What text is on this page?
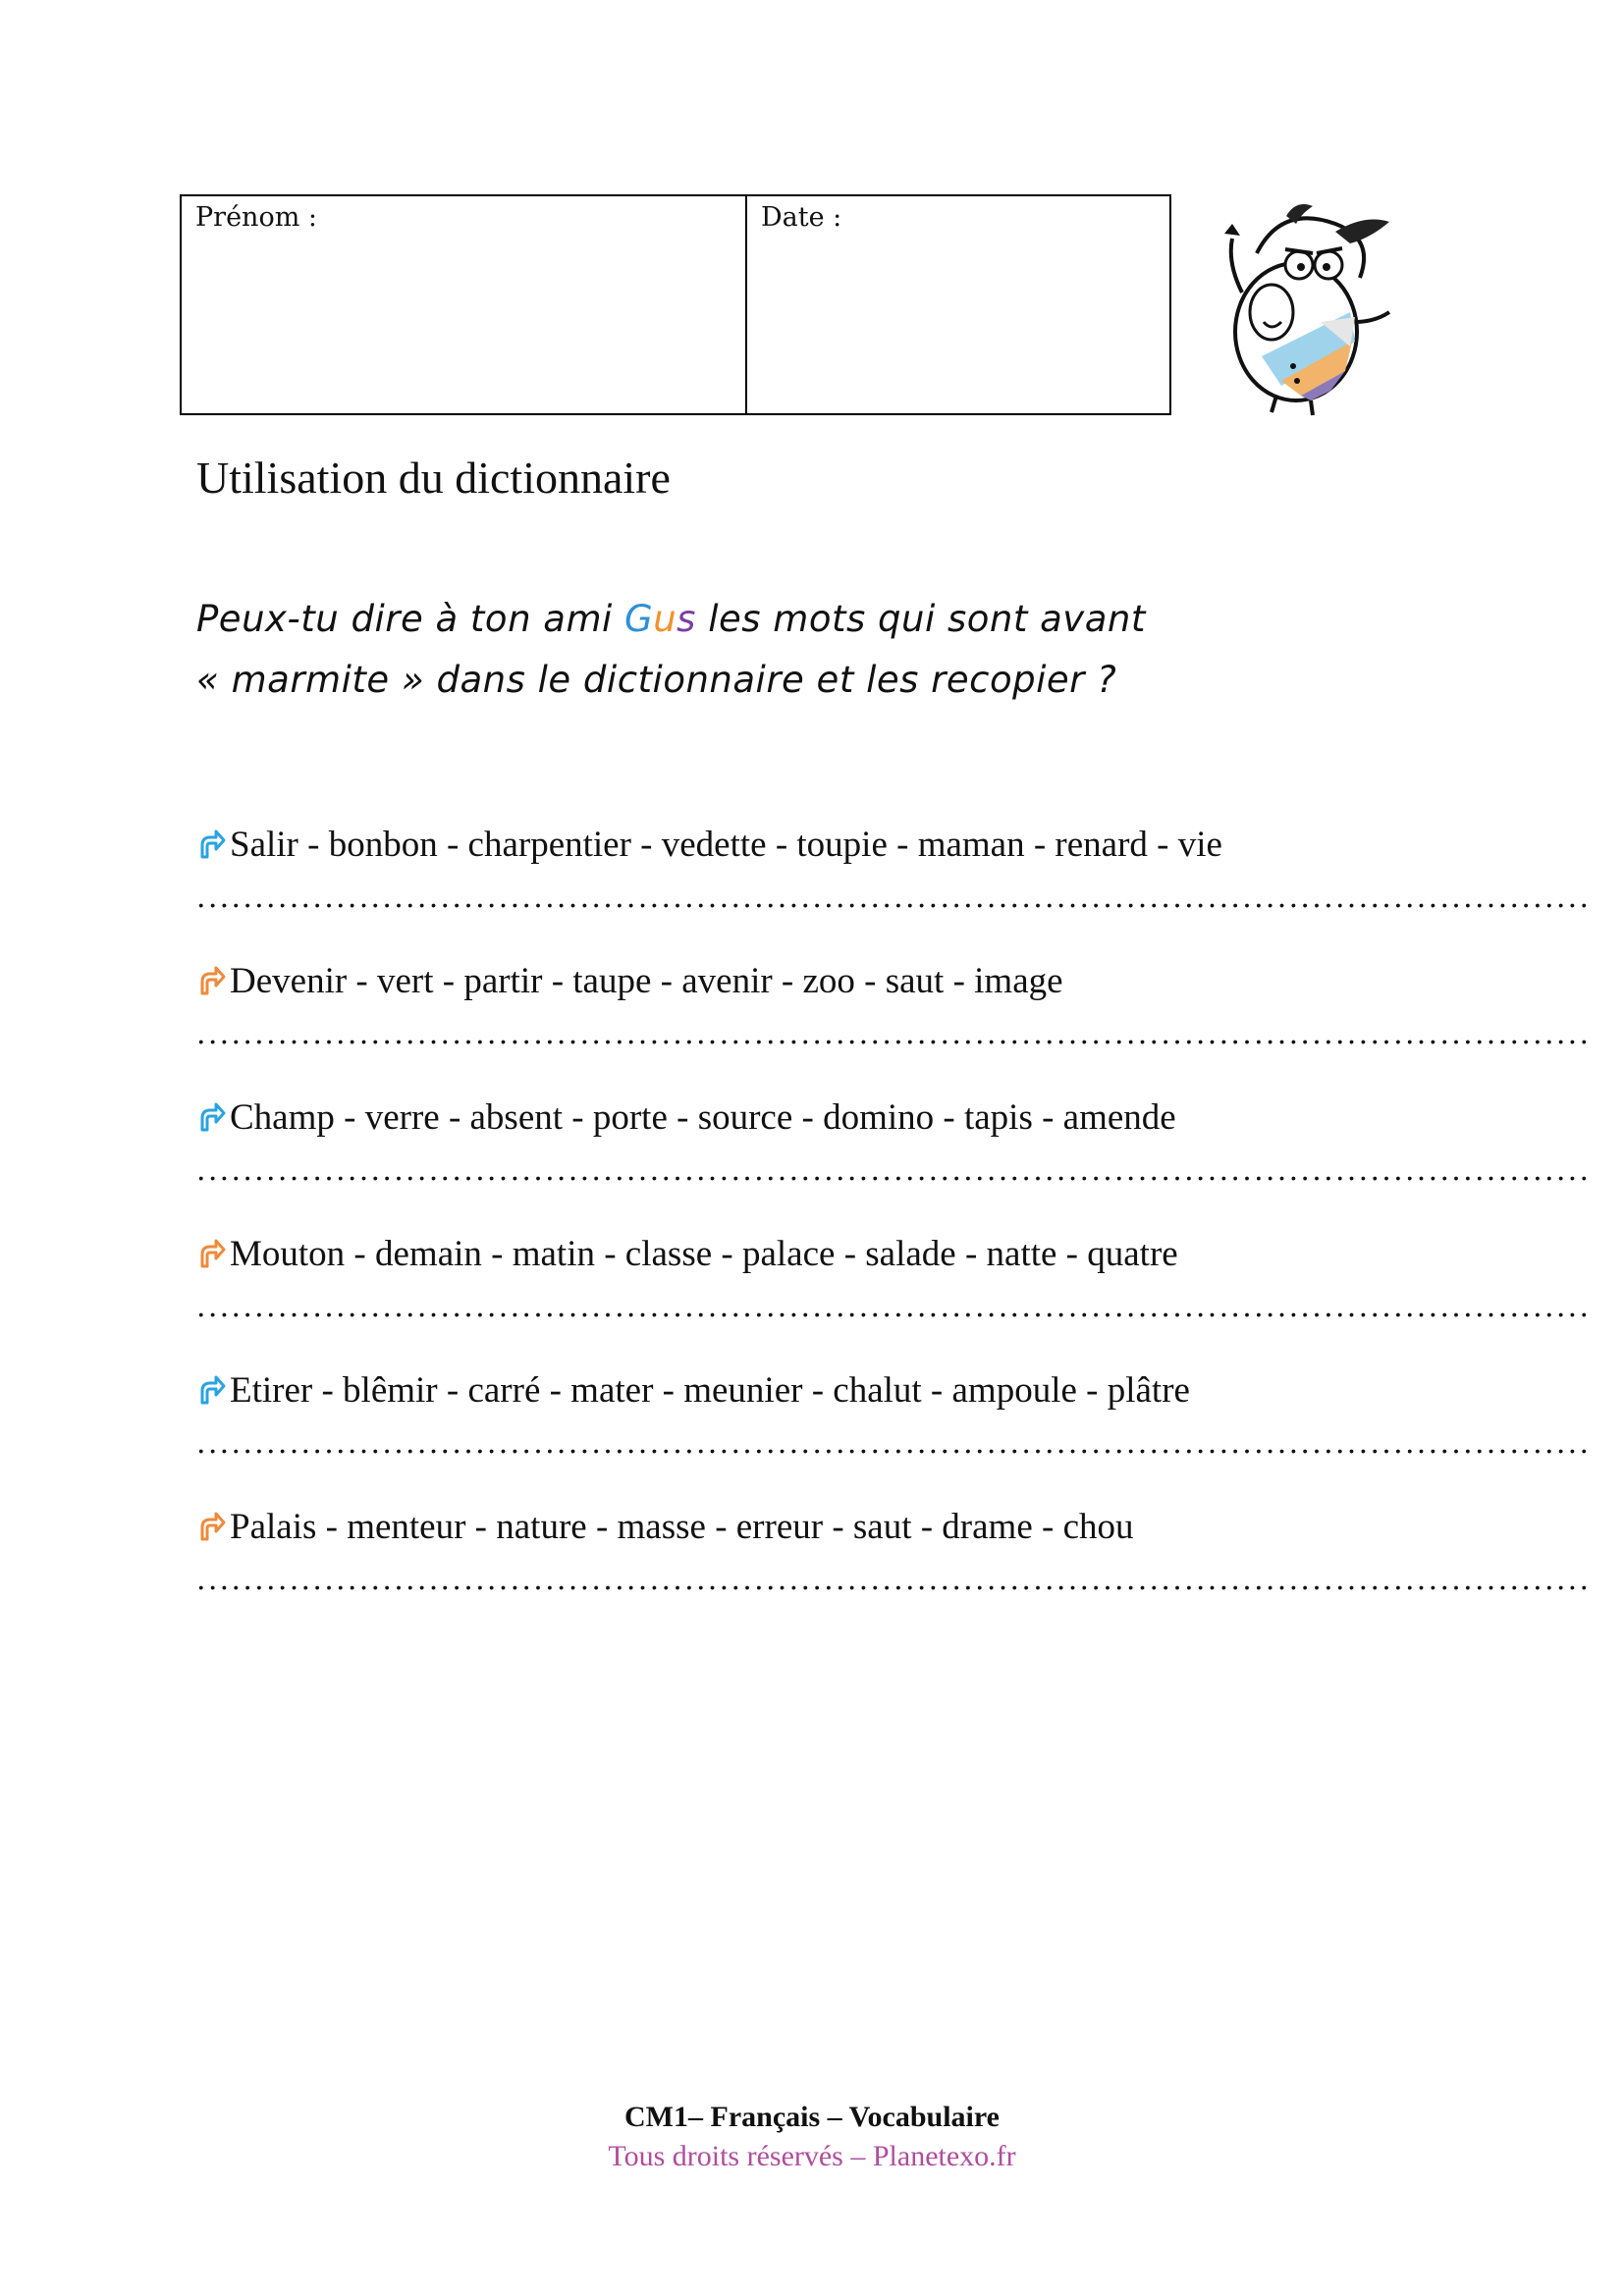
Prénom :	Date :
Utilisation du dictionnaire
Peux-tu dire à ton ami Gus les mots qui sont avant
« marmite » dans le dictionnaire et les recopier ?
Salir - bonbon - charpentier - vedette - toupie - maman - renard - vie
........................................................................................................................
Devenir - vert - partir - taupe - avenir - zoo - saut - image
........................................................................................................................
Champ - verre - absent - porte - source - domino - tapis - amende
........................................................................................................................
Mouton - demain - matin - classe - palace - salade - natte - quatre
........................................................................................................................
Etirer - blêmir - carré - mater - meunier - chalut - ampoule - plâtre
........................................................................................................................
Palais - menteur - nature - masse - erreur - saut - drame - chou
........................................................................................................................
CM1– Français – Vocabulaire
Tous droits réservés – Planetexo.fr
